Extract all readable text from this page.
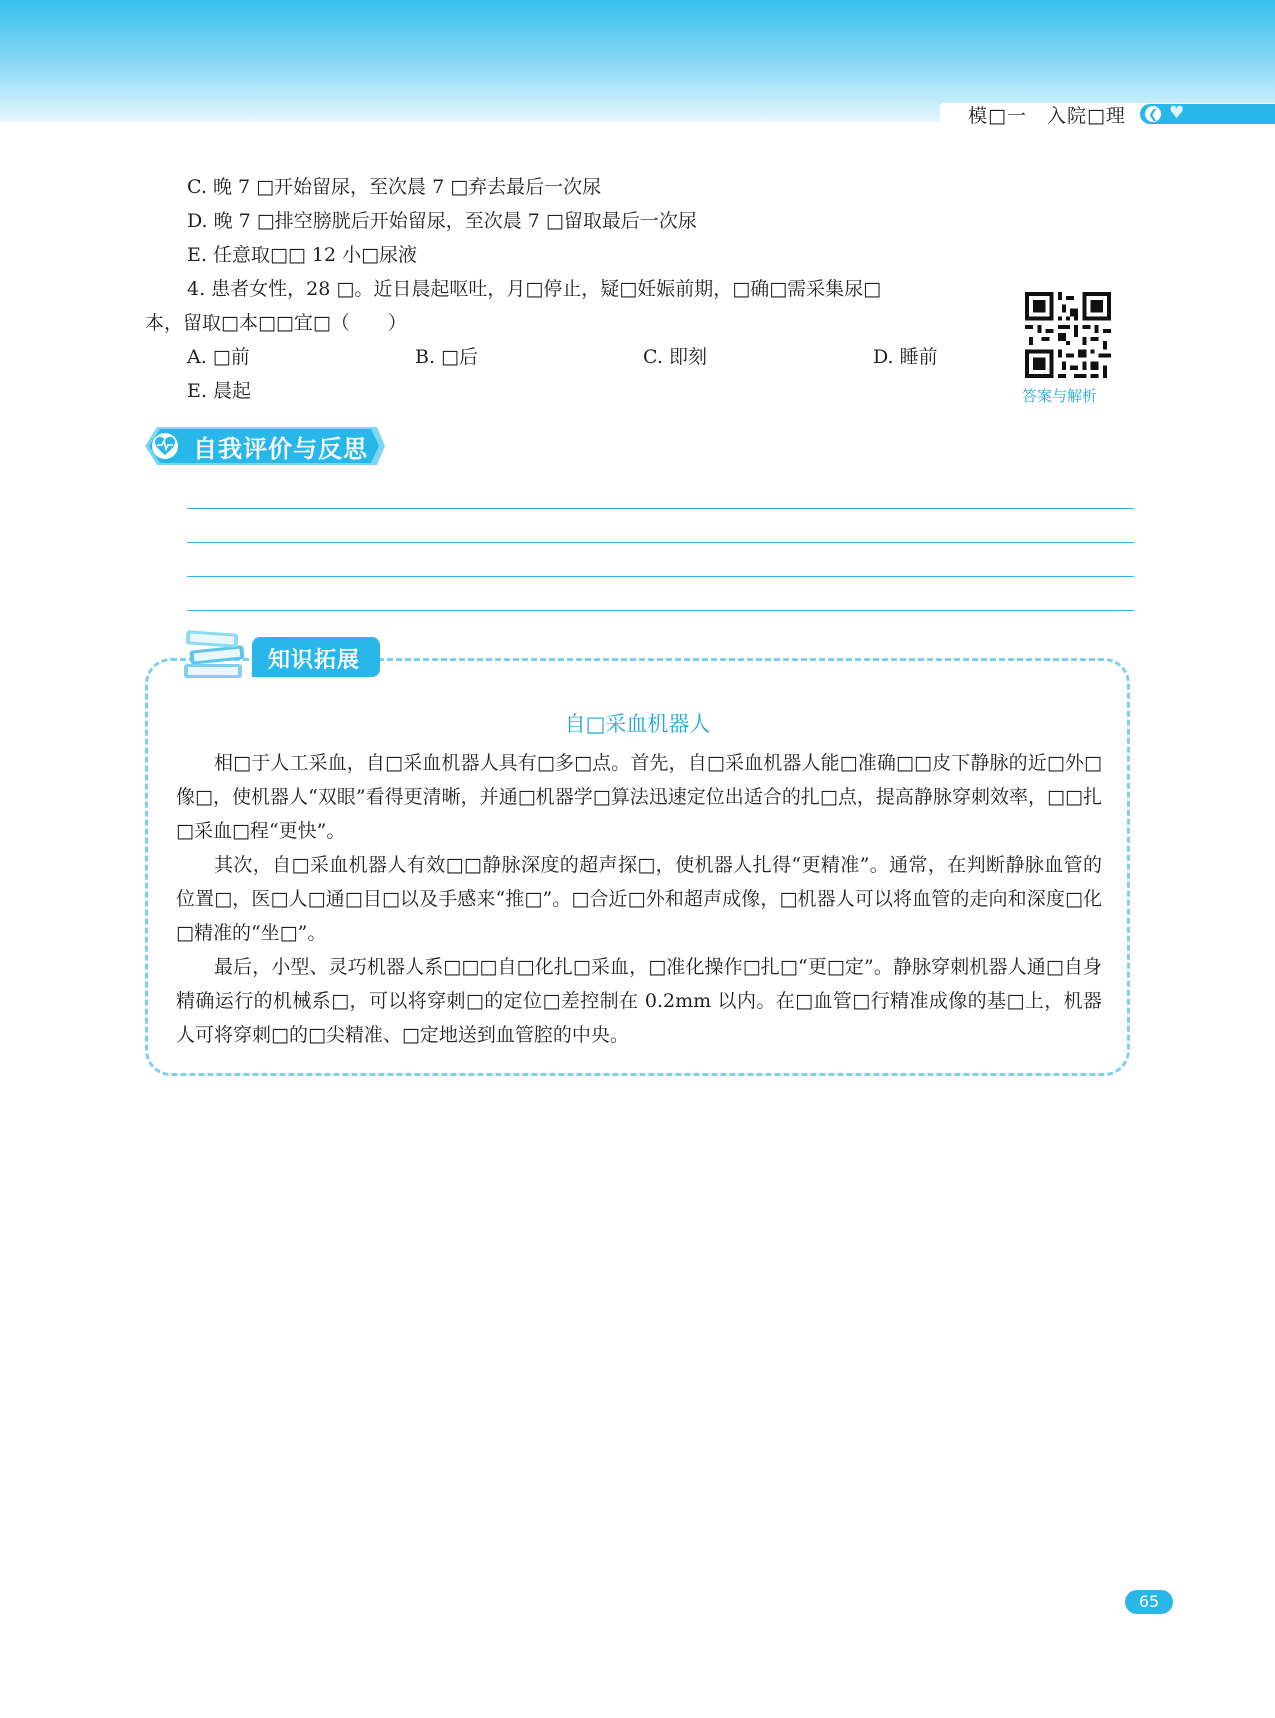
模□一　入院□理 ❮ ♥
C. 晚 7 □开始留尿，至次晨 7 □弃去最后一次尿
D. 晚 7 □排空膀胱后开始留尿，至次晨 7 □留取最后一次尿
E. 任意取□□ 12 小□尿液
4. 患者女性，28 □。近日晨起呕吐，月□停止，疑□妊娠前期，□确□需采集尿□
本，留取□本□□宜□（　　）
A. □前	B. □后	C. 即刻	D. 睡前
E. 晨起	答案与解析
自我评价与反思
知识拓展
自□采血机器人

相□于人工采血，自□采血机器人具有□多□点。首先，自□采血机器人能□准确□□皮下静脉的近□外□像□，使机器人“双眼”看得更清晰，并通□机器学□算法迅速定位出适合的扎□点，提高静脉穿刺效率，□□扎□采血□程“更快”。

其次，自□采血机器人有效□□静脉深度的超声探□，使机器人扎得“更精准”。通常，在判断静脉血管的位置□，医□人□通□目□以及手感来“推□”。□合近□外和超声成像，□机器人可以将血管的走向和深度□化□精准的“坐□”。

最后，小型、灵巧机器人系□□□自□化扎□采血，□准化操作□扎□“更□定”。静脉穿刺机器人通□自身精确运行的机械系□，可以将穿刺□的定位□差控制在 0.2mm 以内。在□血管□行精准成像的基□上，机器人可将穿刺□的□尖精准、□定地送到血管腔的中央。

65
